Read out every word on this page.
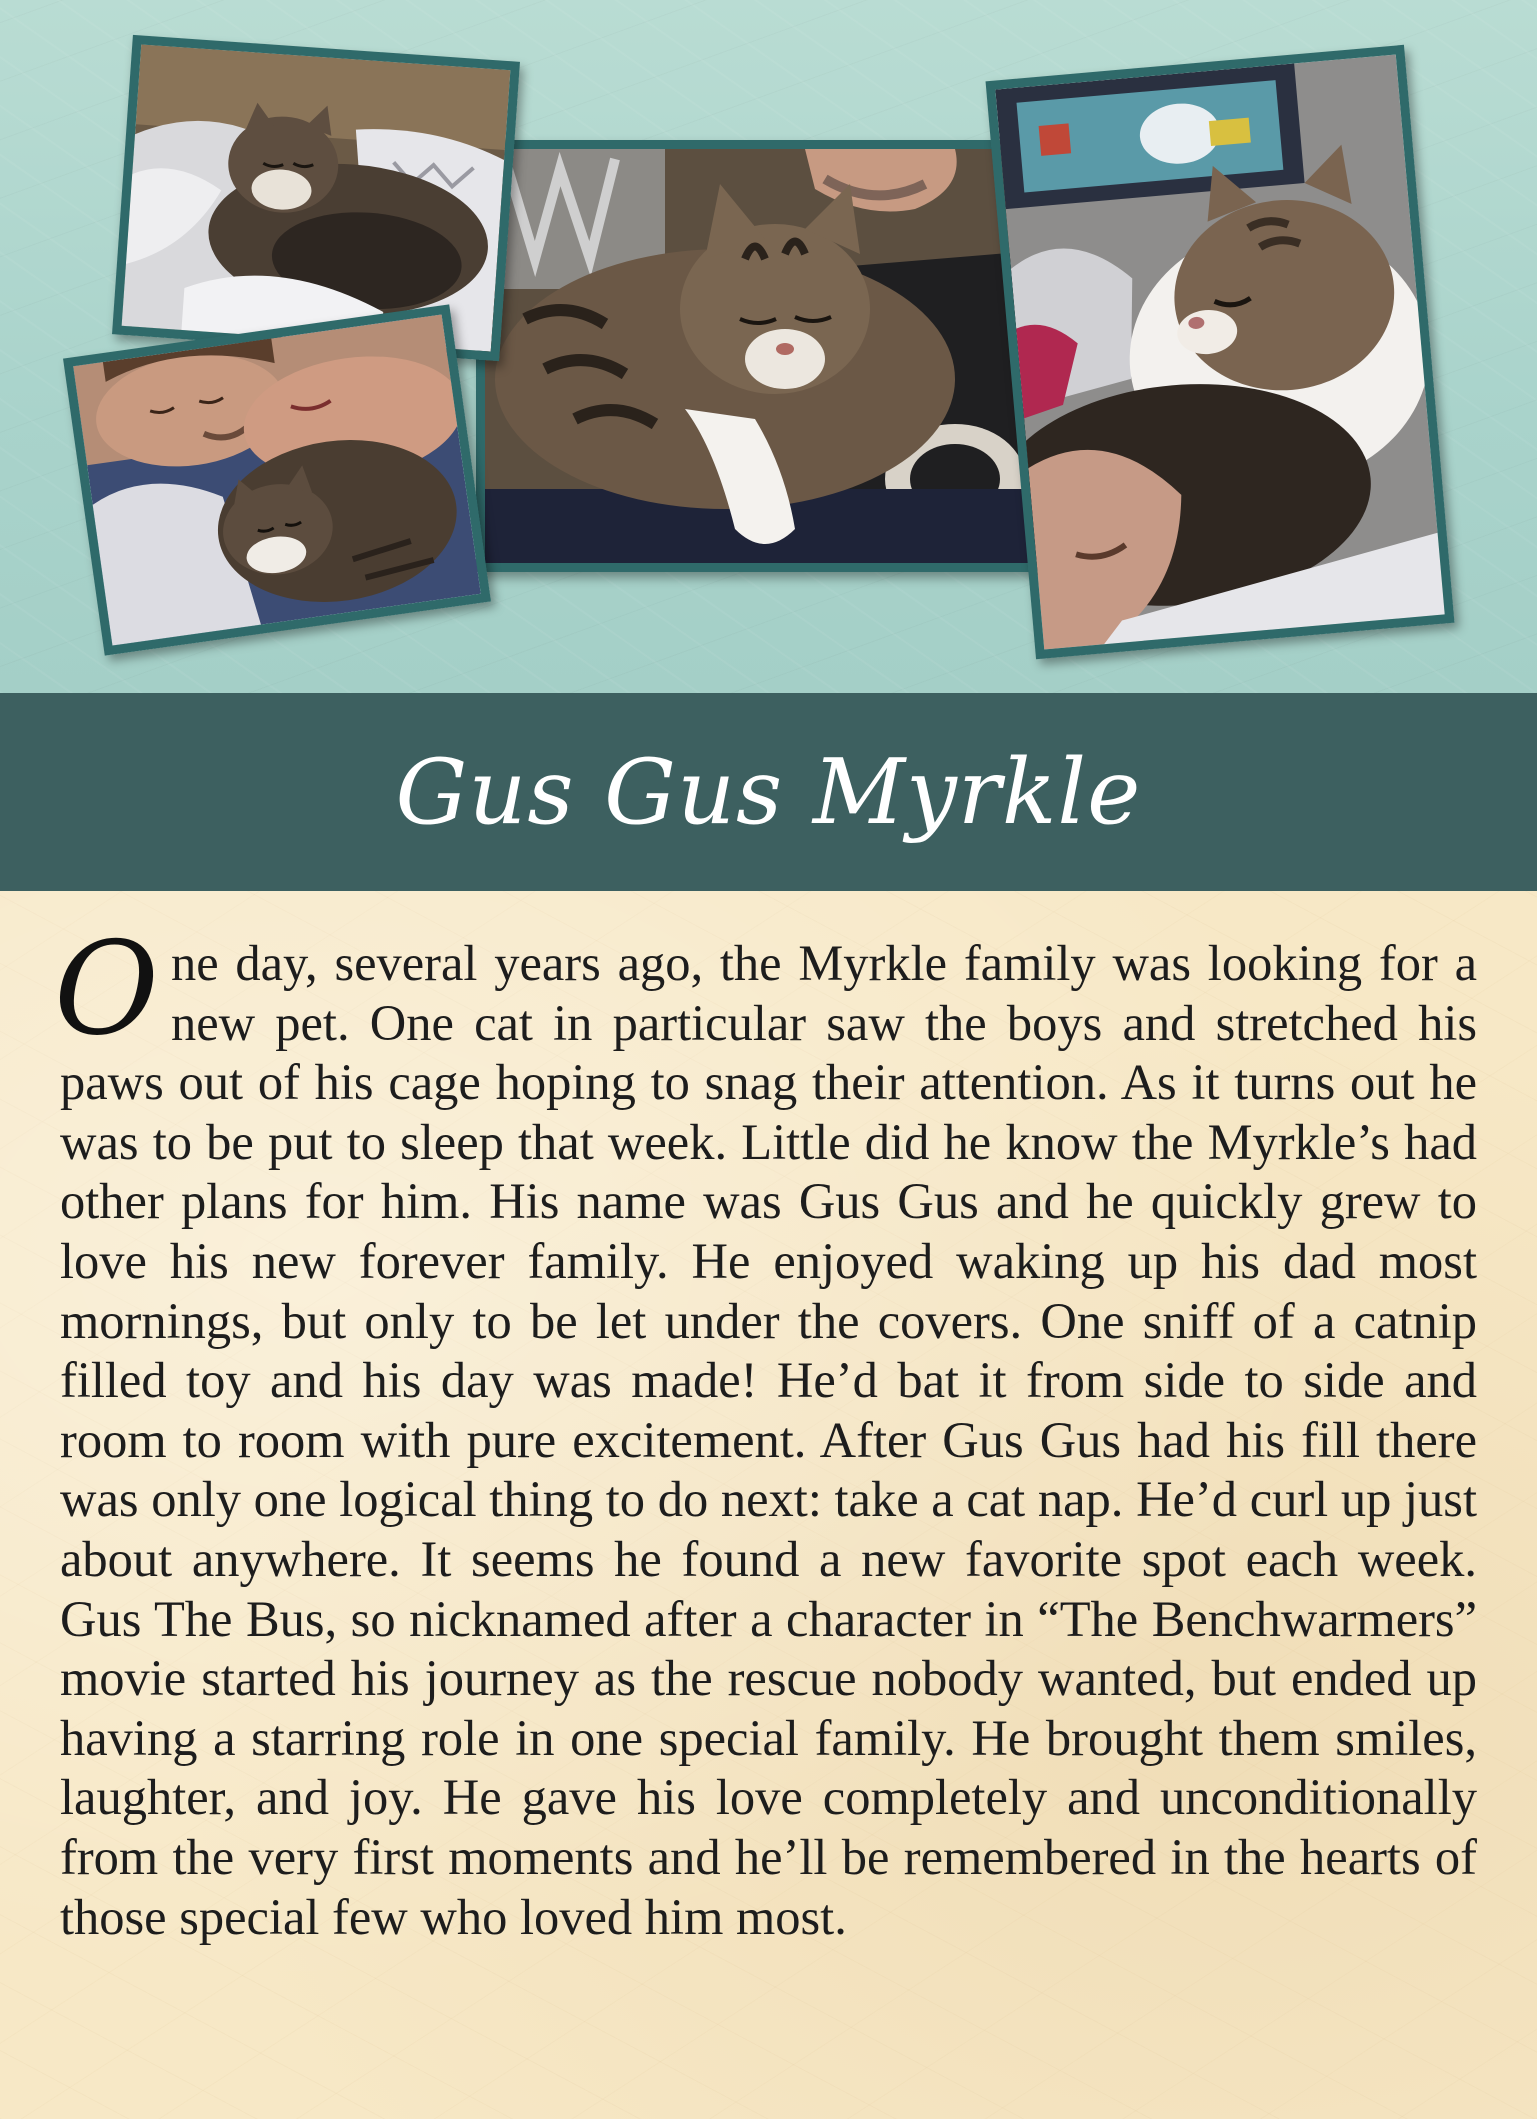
Gus Gus Myrkle

One day, several years ago, the Myrkle family was looking for a new pet. One cat in particular saw the boys and stretched his paws out of his cage hoping to snag their attention. As it turns out he was to be put to sleep that week. Little did he know the Myrkle’s had other plans for him. His name was Gus Gus and he quickly grew to love his new forever family. He enjoyed waking up his dad most mornings, but only to be let under the covers. One sniff of a catnip filled toy and his day was made! He’d bat it from side to side and room to room with pure excitement. After Gus Gus had his fill there was only one logical thing to do next: take a cat nap. He’d curl up just about anywhere. It seems he found a new favorite spot each week. Gus The Bus, so nicknamed after a character in “The Benchwarmers” movie started his journey as the rescue nobody wanted, but ended up having a starring role in one special family. He brought them smiles, laughter, and joy. He gave his love completely and unconditionally from the very first moments and he’ll be remembered in the hearts of those special few who loved him most.
